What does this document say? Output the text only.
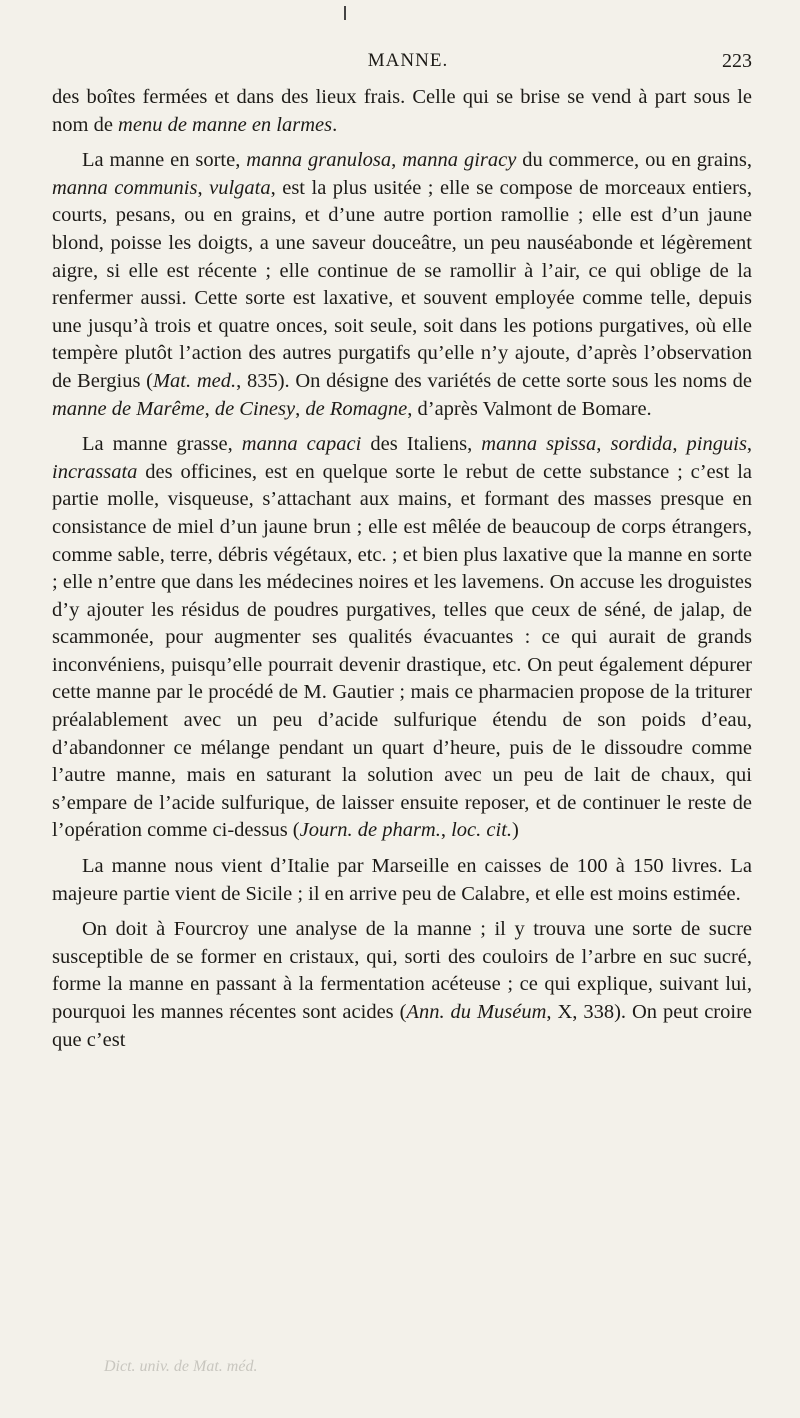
MANNE.	223

des boîtes fermées et dans des lieux frais. Celle qui se brise se vend à part sous le nom de menu de manne en larmes.

La manne en sorte, manna granulosa, manna giracy du commerce, ou en grains, manna communis, vulgata, est la plus usitée ; elle se compose de morceaux entiers, courts, pesans, ou en grains, et d’une autre portion ramollie ; elle est d’un jaune blond, poisse les doigts, a une saveur douceâtre, un peu nauséabonde et légèrement aigre, si elle est récente ; elle continue de se ramollir à l’air, ce qui oblige de la renfermer aussi. Cette sorte est laxative, et souvent employée comme telle, depuis une jusqu’à trois et quatre onces, soit seule, soit dans les potions purgatives, où elle tempère plutôt l’action des autres purgatifs qu’elle n’y ajoute, d’après l’observation de Bergius (Mat. med., 835). On désigne des variétés de cette sorte sous les noms de manne de Marême, de Cinesy, de Romagne, d’après Valmont de Bomare.

La manne grasse, manna capaci des Italiens, manna spissa, sordida, pinguis, incrassata des officines, est en quelque sorte le rebut de cette substance ; c’est la partie molle, visqueuse, s’attachant aux mains, et formant des masses presque en consistance de miel d’un jaune brun ; elle est mêlée de beaucoup de corps étrangers, comme sable, terre, débris végétaux, etc. ; et bien plus laxative que la manne en sorte ; elle n’entre que dans les médecines noires et les lavemens. On accuse les droguistes d’y ajouter les résidus de poudres purgatives, telles que ceux de séné, de jalap, de scammonée, pour augmenter ses qualités évacuantes : ce qui aurait de grands inconvéniens, puisqu’elle pourrait devenir drastique, etc. On peut également dépurer cette manne par le procédé de M. Gautier ; mais ce pharmacien propose de la triturer préalablement avec un peu d’acide sulfurique étendu de son poids d’eau, d’abandonner ce mélange pendant un quart d’heure, puis de le dissoudre comme l’autre manne, mais en saturant la solution avec un peu de lait de chaux, qui s’empare de l’acide sulfurique, de laisser ensuite reposer, et de continuer le reste de l’opération comme ci-dessus (Journ. de pharm., loc. cit.)

La manne nous vient d’Italie par Marseille en caisses de 100 à 150 livres. La majeure partie vient de Sicile ; il en arrive peu de Calabre, et elle est moins estimée.

On doit à Fourcroy une analyse de la manne ; il y trouva une sorte de sucre susceptible de se former en cristaux, qui, sorti des couloirs de l’arbre en suc sucré, forme la manne en passant à la fermentation acéteuse ; ce qui explique, suivant lui, pourquoi les mannes récentes sont acides (Ann. du Muséum, X, 338). On peut croire que c’est

Dict. univ. de Mat. méd.
